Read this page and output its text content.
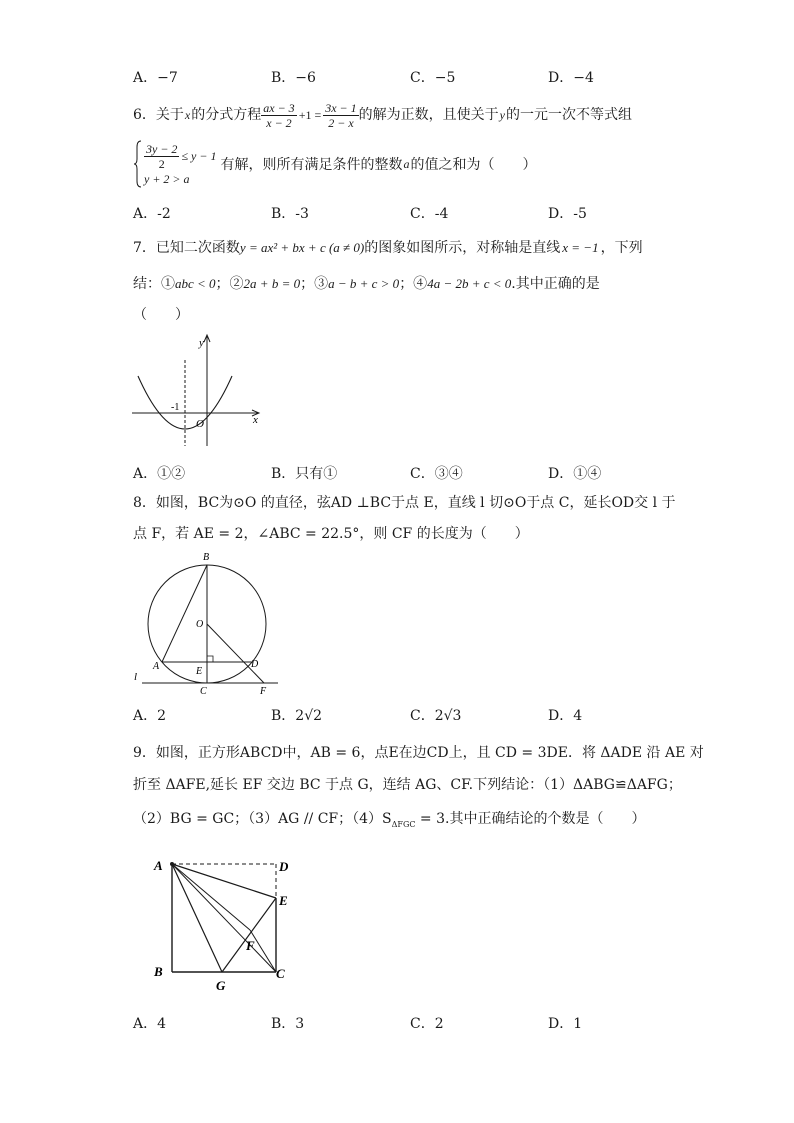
A．−7	B．−6	C．−5	D．−4
6．关于 x 的分式方程 $\frac{ax - 3}{x - 2} +1 = \frac{3x - 1}{2 - x}$ 的解为正数，且使关于 y 的一元一次不等式组
$\frac{3y - 2}{2} \le y - 1$
y + 2 > a
有解，则所有满足条件的整数 a 的值之和为（　　）
A．-2	B．-3	C．-4	D．-5
7．已知二次函数y = ax² + bx + c (a ≠ 0)的图象如图所示，对称轴是直线 x = −1 ，下列
结：①abc < 0；②2a + b = 0；③a − b + c > 0；④4a − 2b + c < 0.其中正确的是
（　　）
y
x
O
-1
A．①②	B．只有①	C．③④	D．①④
8．如图，BC为⊙O 的直径，弦AD ⊥BC于点 E，直线 l 切⊙O于点 C，延长OD交 l 于
点 F，若 AE = 2，∠ABC = 22.5°，则 CF 的长度为（　　）
B
O
A	E
D
C	F
l
A．2	B．2√2	C．2√3	D．4
9．如图，正方形ABCD中，AB = 6，点E在边CD上，且 CD = 3DE．将 ΔADE 沿 AE 对
折至 ΔAFE,延长 EF 交边 BC 于点 G，连结 AG、CF.下列结论：（1）ΔABG≌ΔAFG；
（2）BG = GC；（3）AG // CF；$(4)S_{\Delta FGC} = 3$.其中正确结论的个数是（　　）
A	D
E
F
B
G
C
A．4	B．3	C．2	D．1
